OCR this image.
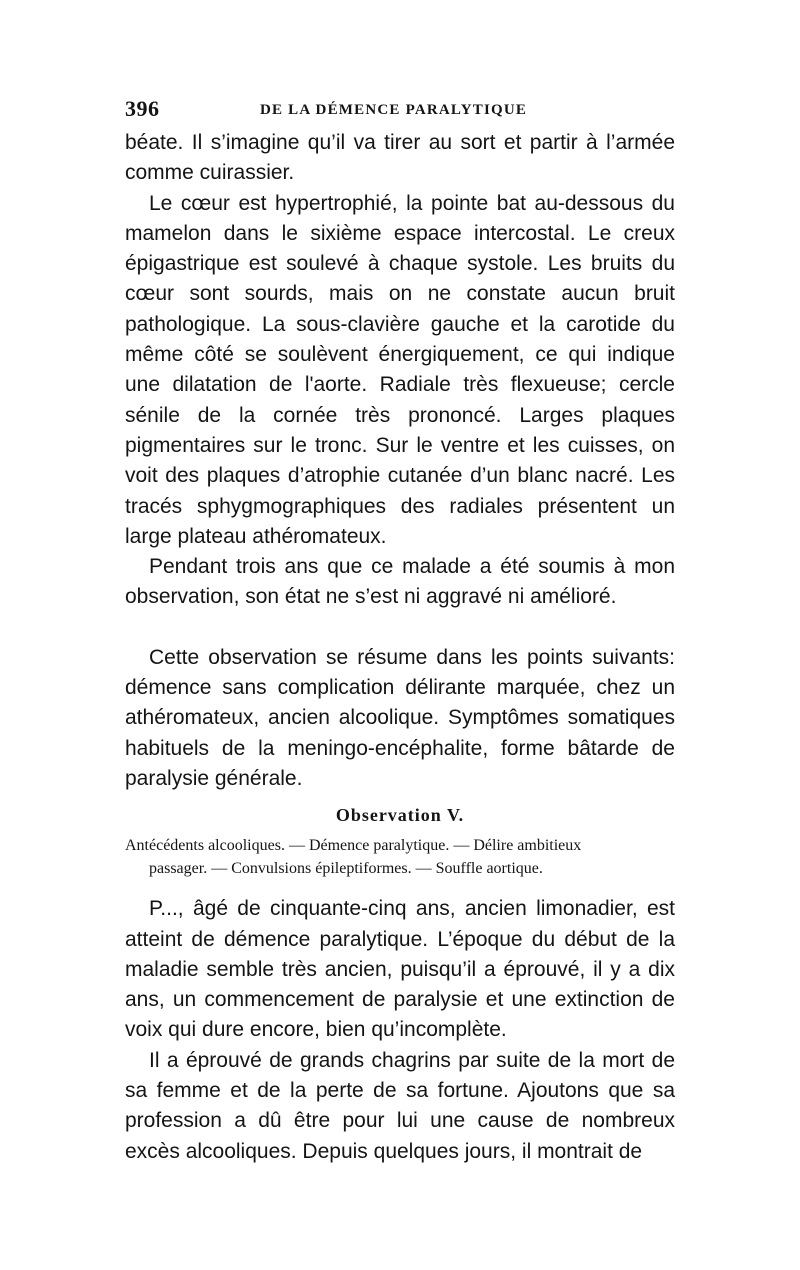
396	DE LA DÉMENCE PARALYTIQUE

béate. Il s’imagine qu’il va tirer au sort et partir à l’armée comme cuirassier.

Le cœur est hypertrophié, la pointe bat au-dessous du mamelon dans le sixième espace intercostal. Le creux épigastrique est soulevé à chaque systole. Les bruits du cœur sont sourds, mais on ne constate aucun bruit pathologique. La sous-clavière gauche et la carotide du même côté se soulèvent énergiquement, ce qui indique une dilatation de l'aorte. Radiale très flexueuse; cercle sénile de la cornée très prononcé. Larges plaques pigmentaires sur le tronc. Sur le ventre et les cuisses, on voit des plaques d’atrophie cutanée d’un blanc nacré. Les tracés sphygmographiques des radiales présentent un large plateau athéromateux.

Pendant trois ans que ce malade a été soumis à mon observation, son état ne s’est ni aggravé ni amélioré.

Cette observation se résume dans les points suivants: démence sans complication délirante marquée, chez un athéromateux, ancien alcoolique. Symptômes somatiques habituels de la meningo-encéphalite, forme bâtarde de paralysie générale.

Observation V.
Antécédents alcooliques. — Démence paralytique. — Délire ambitieux
passager. — Convulsions épileptiformes. — Souffle aortique.

P..., âgé de cinquante-cinq ans, ancien limonadier, est atteint de démence paralytique. L’époque du début de la maladie semble très ancien, puisqu’il a éprouvé, il y a dix ans, un commencement de paralysie et une extinction de voix qui dure encore, bien qu’incomplète.

Il a éprouvé de grands chagrins par suite de la mort de sa femme et de la perte de sa fortune. Ajoutons que sa profession a dû être pour lui une cause de nombreux excès alcooliques. Depuis quelques jours, il montrait de
